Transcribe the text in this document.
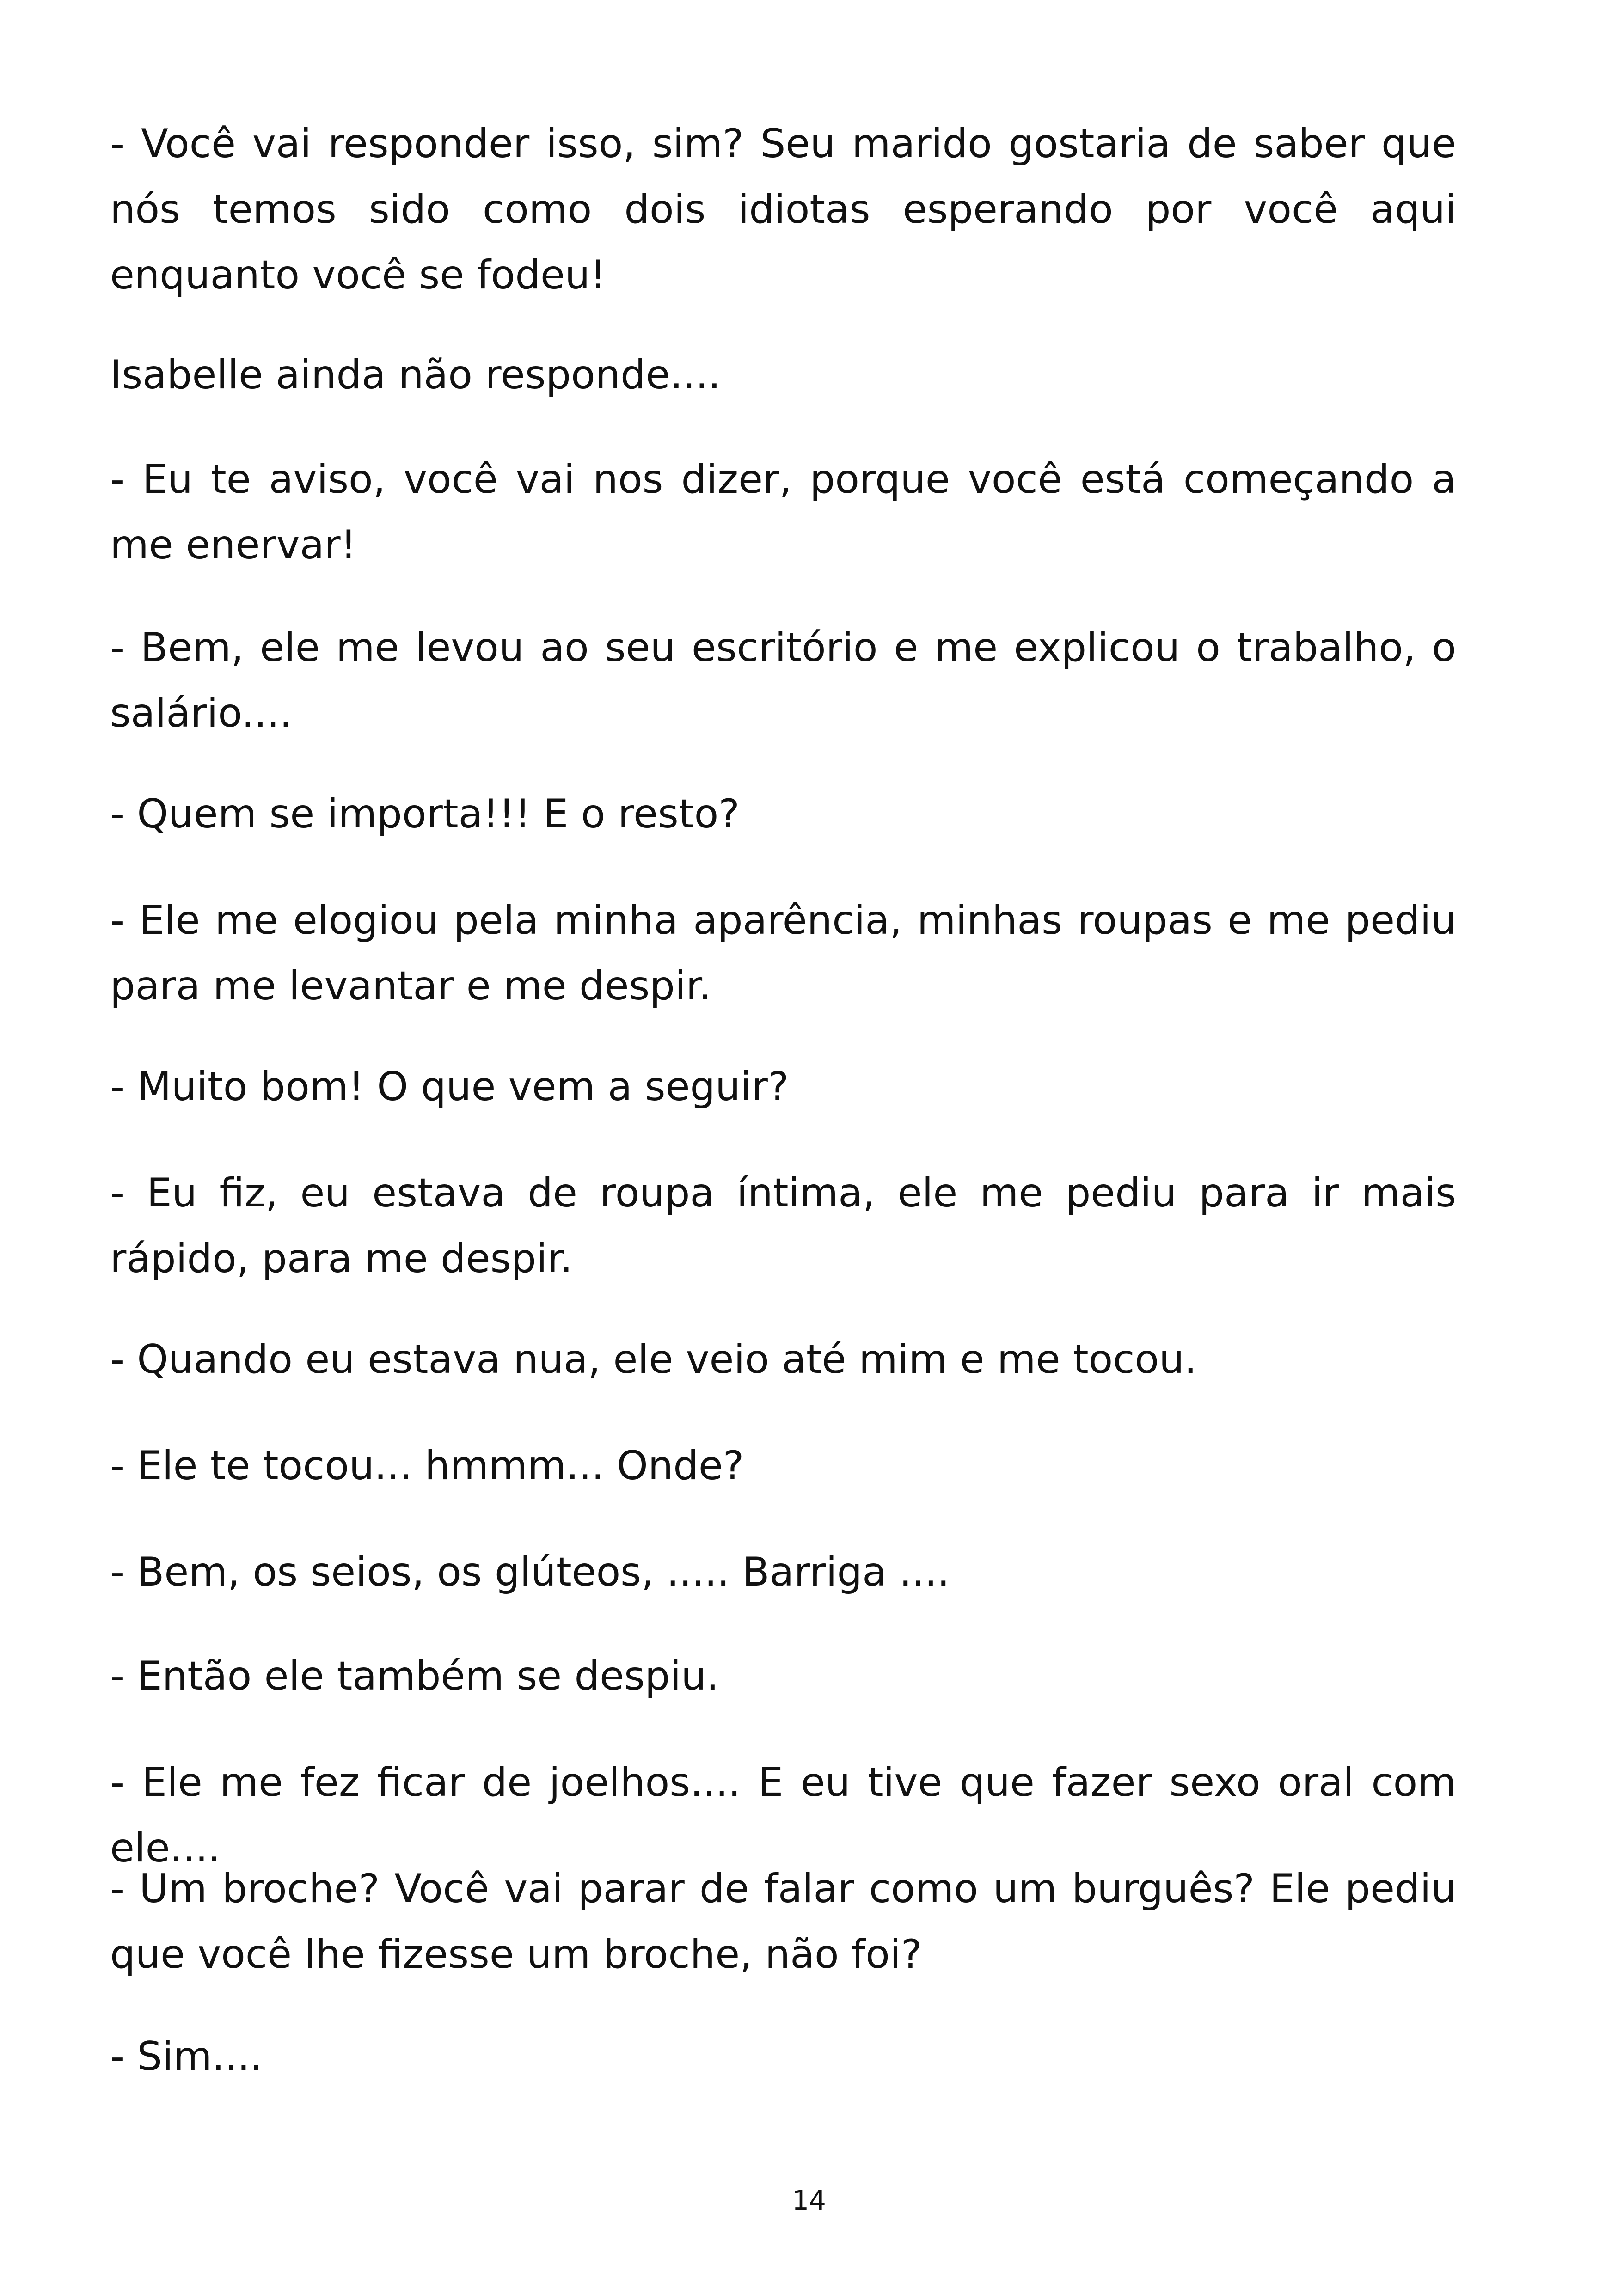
- Você vai responder isso, sim? Seu marido gostaria de saber que nós temos sido como dois idiotas esperando por você aqui enquanto você se fodeu!

Isabelle ainda não responde....

- Eu te aviso, você vai nos dizer, porque você está começando a me enervar!

- Bem, ele me levou ao seu escritório e me explicou o trabalho, o salário....

- Quem se importa!!! E o resto?

- Ele me elogiou pela minha aparência, minhas roupas e me pediu para me levantar e me despir.

- Muito bom! O que vem a seguir?

- Eu fiz, eu estava de roupa íntima, ele me pediu para ir mais rápido, para me despir.

- Quando eu estava nua, ele veio até mim e me tocou.

- Ele te tocou... hmmm... Onde?

- Bem, os seios, os glúteos, ..... Barriga ....

- Então ele também se despiu.

- Ele me fez ficar de joelhos.... E eu tive que fazer sexo oral com ele....

- Um broche? Você vai parar de falar como um burguês? Ele pediu que você lhe fizesse um broche, não foi?

- Sim....

14
